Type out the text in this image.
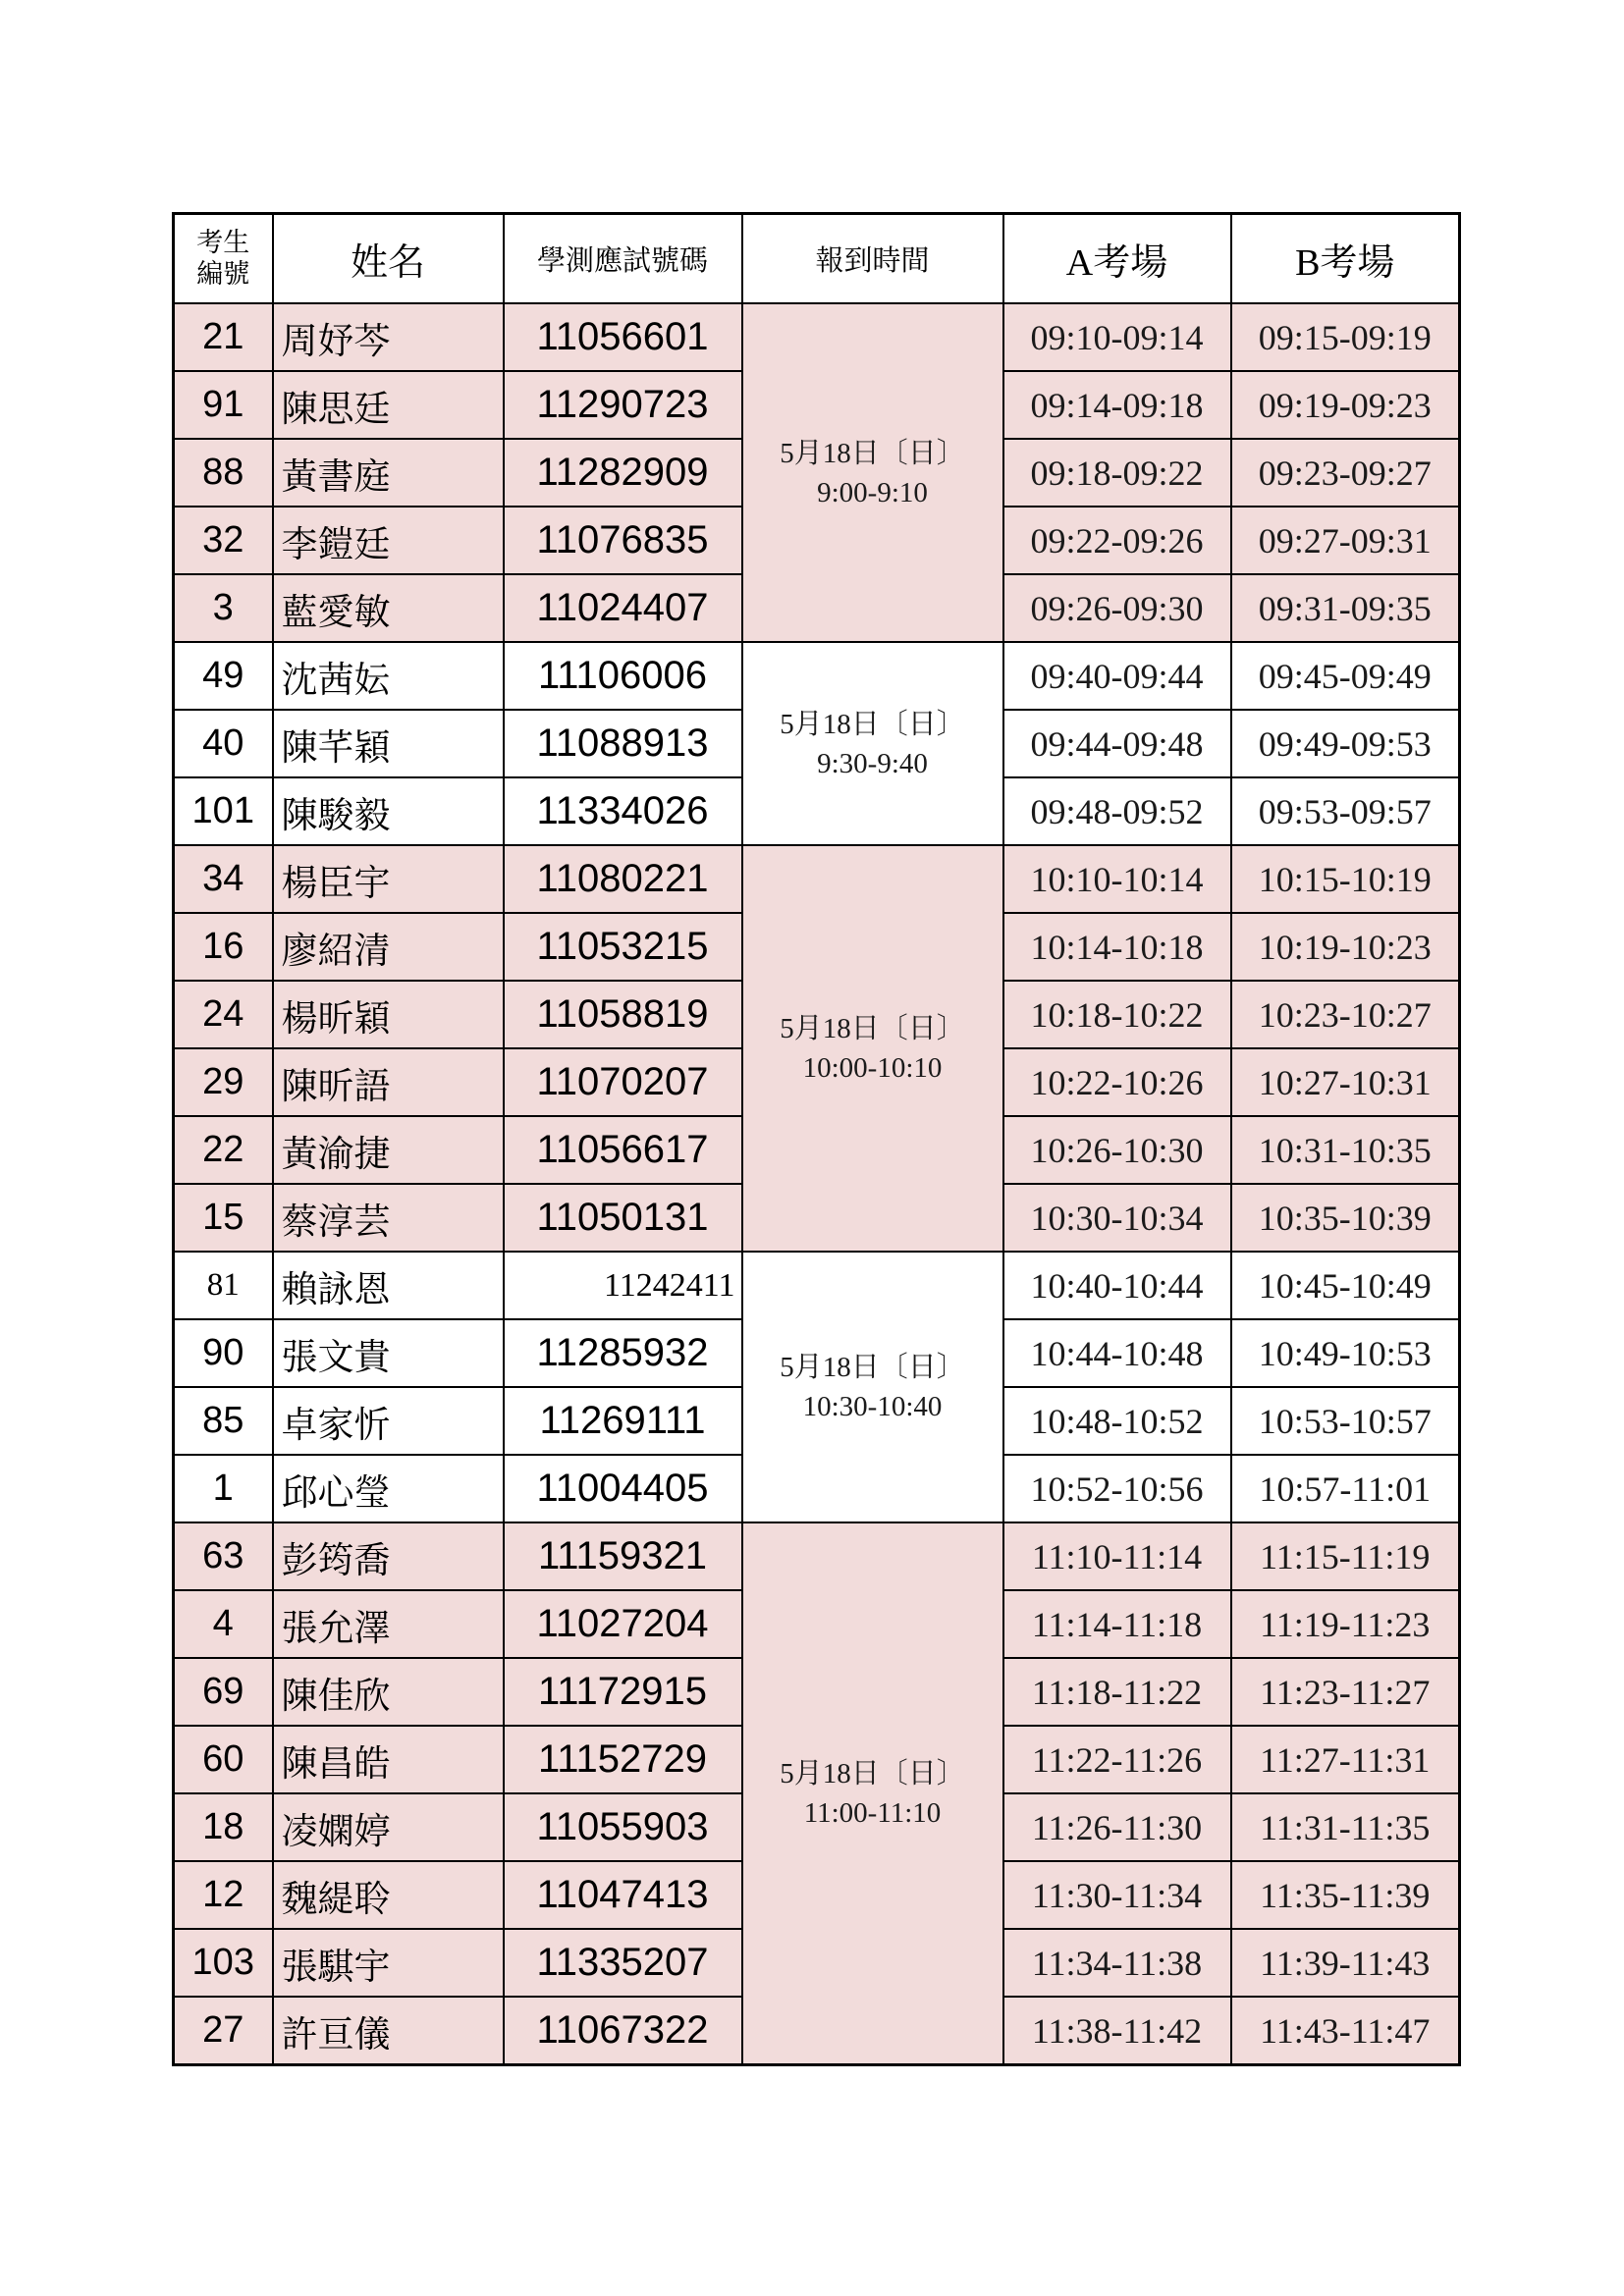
考生
編號	姓名	學測應試號碼	報到時間	A考場	B考場
21	周妤芩	11056601	5月18日〔日〕
9:00-9:10	09:10-09:14	09:15-09:19
91	陳思廷	11290723		09:14-09:18	09:19-09:23
88	黃書庭	11282909		09:18-09:22	09:23-09:27
32	李鎧廷	11076835		09:22-09:26	09:27-09:31
3	藍愛敏	11024407		09:26-09:30	09:31-09:35
49	沈茜妘	11106006	5月18日〔日〕
9:30-9:40	09:40-09:44	09:45-09:49
40	陳芊穎	11088913		09:44-09:48	09:49-09:53
101	陳駿毅	11334026		09:48-09:52	09:53-09:57
34	楊臣宇	11080221	5月18日〔日〕
10:00-10:10	10:10-10:14	10:15-10:19
16	廖紹清	11053215		10:14-10:18	10:19-10:23
24	楊昕穎	11058819		10:18-10:22	10:23-10:27
29	陳昕語	11070207		10:22-10:26	10:27-10:31
22	黃渝捷	11056617		10:26-10:30	10:31-10:35
15	蔡淳芸	11050131		10:30-10:34	10:35-10:39
81	賴詠恩	11242411	5月18日〔日〕
10:30-10:40	10:40-10:44	10:45-10:49
90	張文貴	11285932		10:44-10:48	10:49-10:53
85	卓家忻	11269111		10:48-10:52	10:53-10:57
1	邱心瑩	11004405		10:52-10:56	10:57-11:01
63	彭筠喬	11159321	5月18日〔日〕
11:00-11:10	11:10-11:14	11:15-11:19
4	張允澤	11027204		11:14-11:18	11:19-11:23
69	陳佳欣	11172915		11:18-11:22	11:23-11:27
60	陳昌皓	11152729		11:22-11:26	11:27-11:31
18	凌嫻婷	11055903		11:26-11:30	11:31-11:35
12	魏緹聆	11047413		11:30-11:34	11:35-11:39
103	張騏宇	11335207		11:34-11:38	11:39-11:43
27	許亘儀	11067322		11:38-11:42	11:43-11:47
